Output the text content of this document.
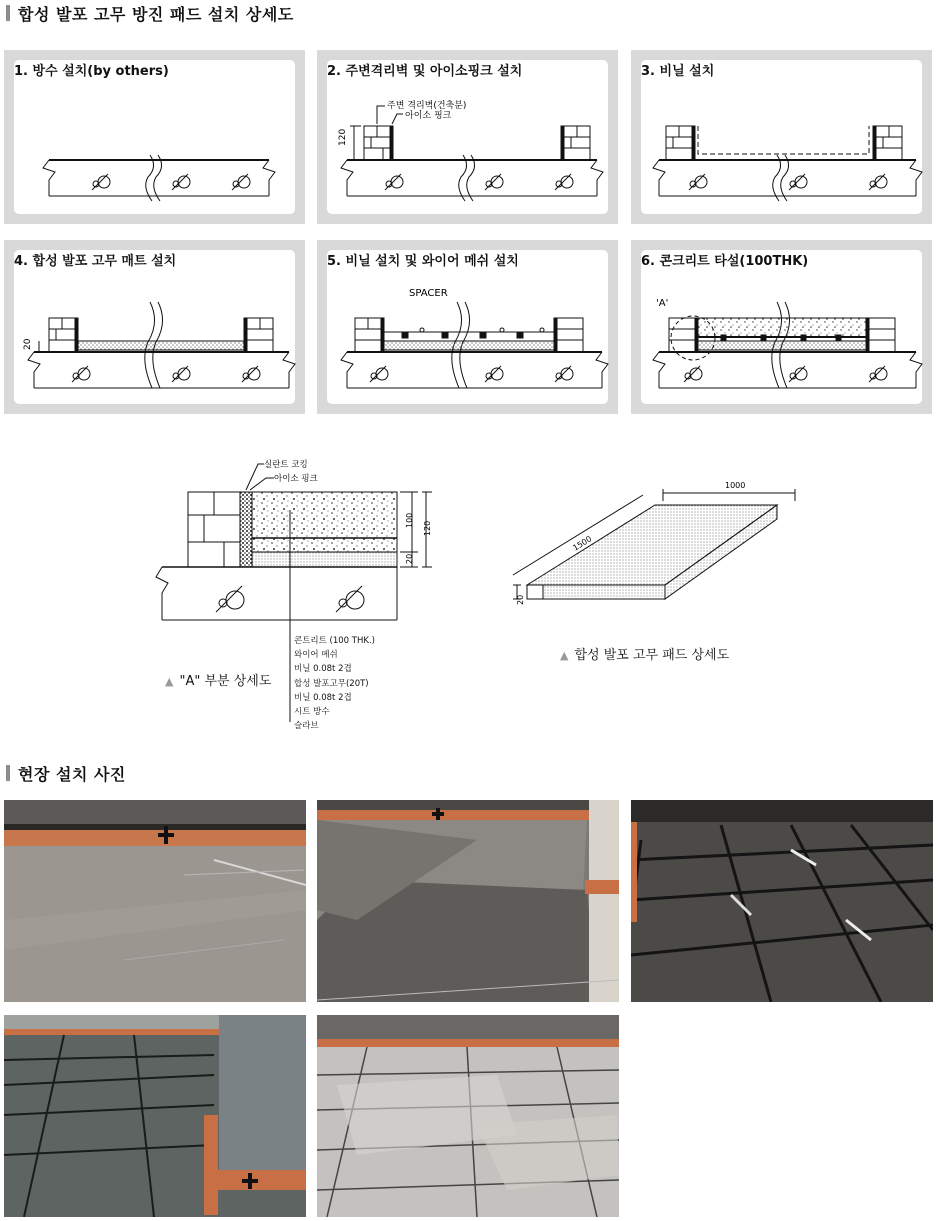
합성 발포 고무 방진 패드 설치 상세도
1. 방수 설치(by others)	2. 주변격리벽 및 아이소핑크 설치
주변 격리벽(건축분)
아이소 핑크
120
3. 비닐 설치
4. 합성 발포 고무 매트 설치
20
5. 비닐 설치 및 와이어 메쉬 설치
SPACER
6. 콘크리트 타설(100THK)
'A'
실란트 코킹
아이소 핑크
100
120
20
콘트리트 (100 THK.)
와이어 메쉬
비닐 0.08t 2겹
합성 발포고무(20T)
비닐 0.08t 2겹
시트 방수
슬라브
▲ "A" 부분 상세도
1000
1500
20
▲ 합성 발포 고무 패드 상세도
현장 설치 사진
